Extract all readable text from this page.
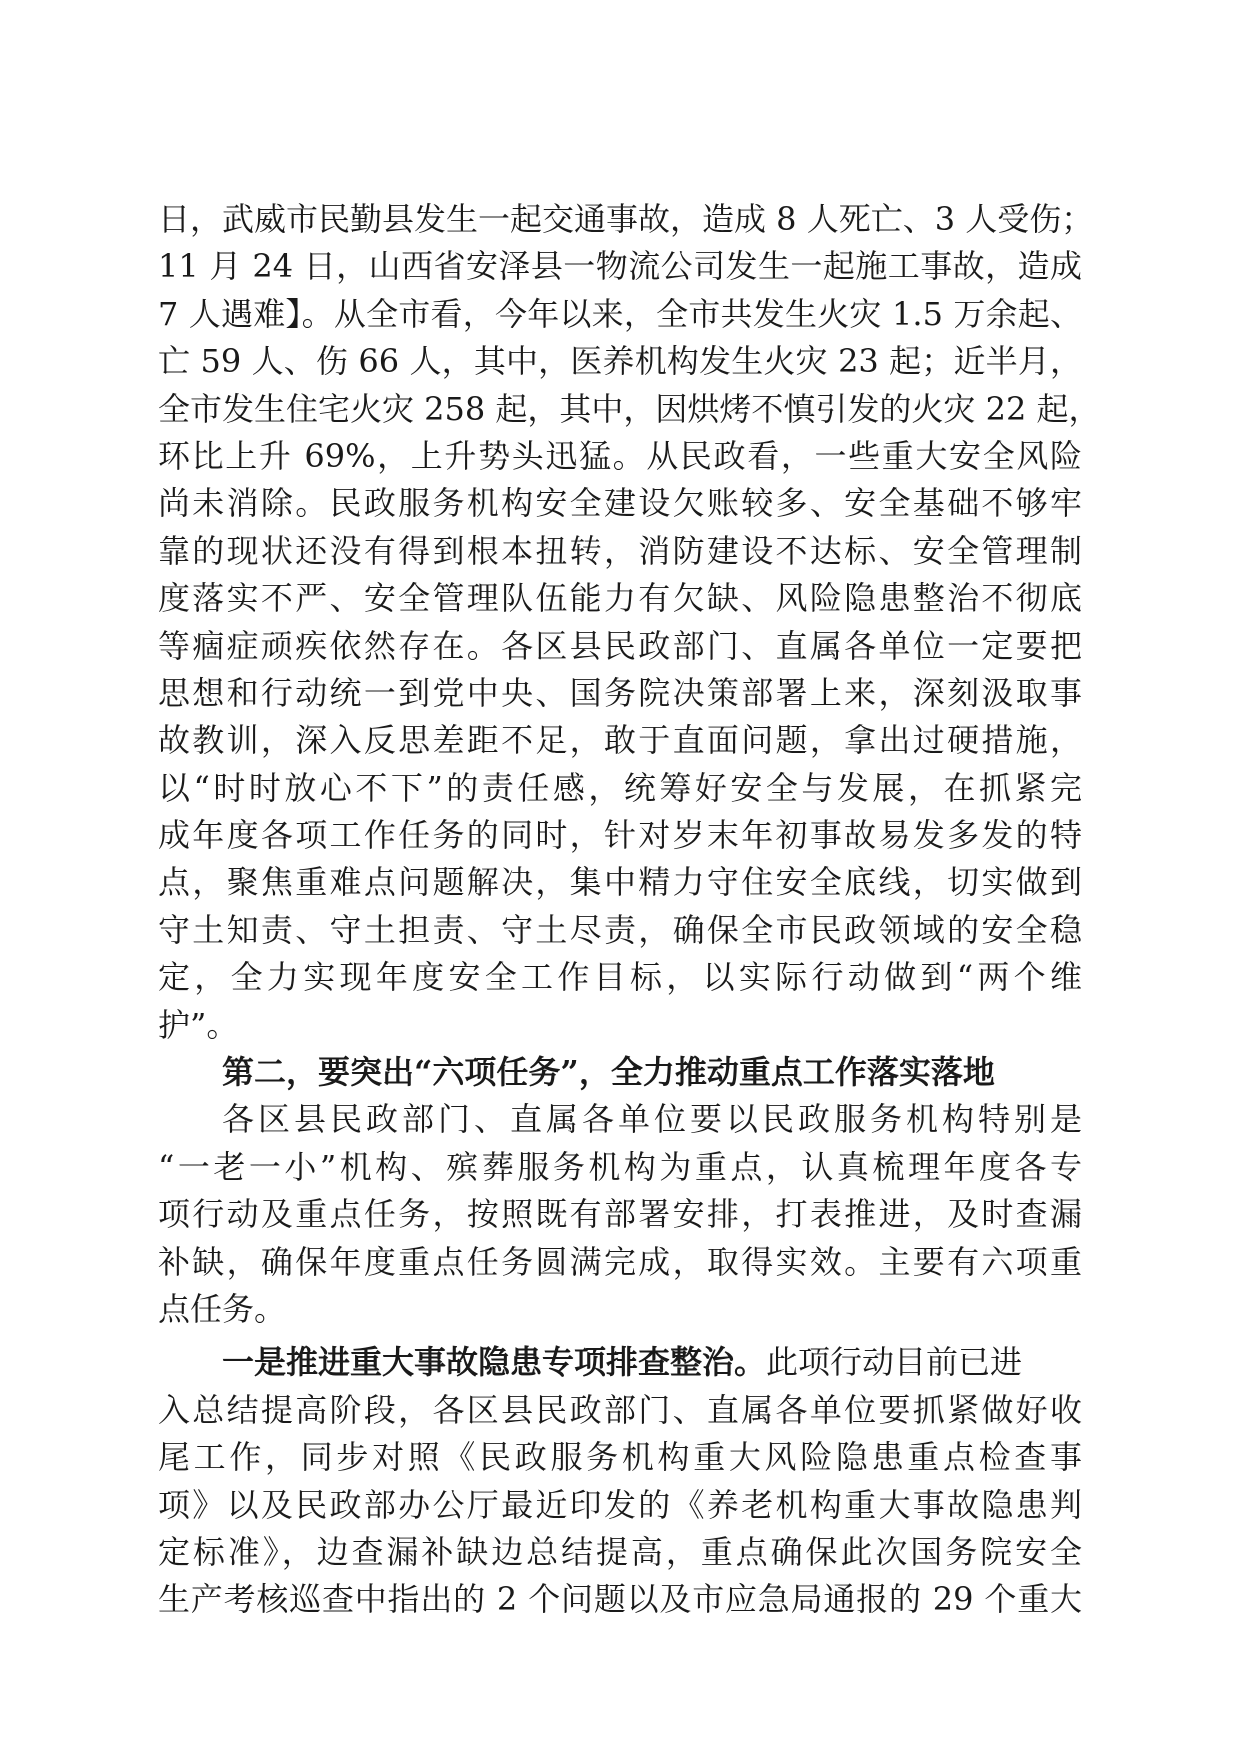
日，武威市民勤县发生一起交通事故，造成 8 人死亡、3 人受伤；
11 月 24 日，山西省安泽县一物流公司发生一起施工事故，造成
7 人遇难】。从全市看，今年以来，全市共发生火灾 1.5 万余起、
亡 59 人、伤 66 人，其中，医养机构发生火灾 23 起；近半月，
全市发生住宅火灾 258 起，其中，因烘烤不慎引发的火灾 22 起，
环比上升 69%，上升势头迅猛。从民政看，一些重大安全风险
尚未消除。民政服务机构安全建设欠账较多、安全基础不够牢
靠的现状还没有得到根本扭转，消防建设不达标、安全管理制
度落实不严、安全管理队伍能力有欠缺、风险隐患整治不彻底
等痼症顽疾依然存在。各区县民政部门、直属各单位一定要把
思想和行动统一到党中央、国务院决策部署上来，深刻汲取事
故教训，深入反思差距不足，敢于直面问题，拿出过硬措施，
以“时时放心不下”的责任感，统筹好安全与发展，在抓紧完
成年度各项工作任务的同时，针对岁末年初事故易发多发的特
点，聚焦重难点问题解决，集中精力守住安全底线，切实做到
守土知责、守土担责、守土尽责，确保全市民政领域的安全稳
定，全力实现年度安全工作目标，以实际行动做到“两个维
护”。
第二，要突出“六项任务”，全力推动重点工作落实落地
各区县民政部门、直属各单位要以民政服务机构特别是
“一老一小”机构、殡葬服务机构为重点，认真梳理年度各专
项行动及重点任务，按照既有部署安排，打表推进，及时查漏
补缺，确保年度重点任务圆满完成，取得实效。主要有六项重
点任务。
一是推进重大事故隐患专项排查整治。此项行动目前已进
入总结提高阶段，各区县民政部门、直属各单位要抓紧做好收
尾工作，同步对照《民政服务机构重大风险隐患重点检查事
项》以及民政部办公厅最近印发的《养老机构重大事故隐患判
定标准》，边查漏补缺边总结提高，重点确保此次国务院安全
生产考核巡查中指出的 2 个问题以及市应急局通报的 29 个重大
